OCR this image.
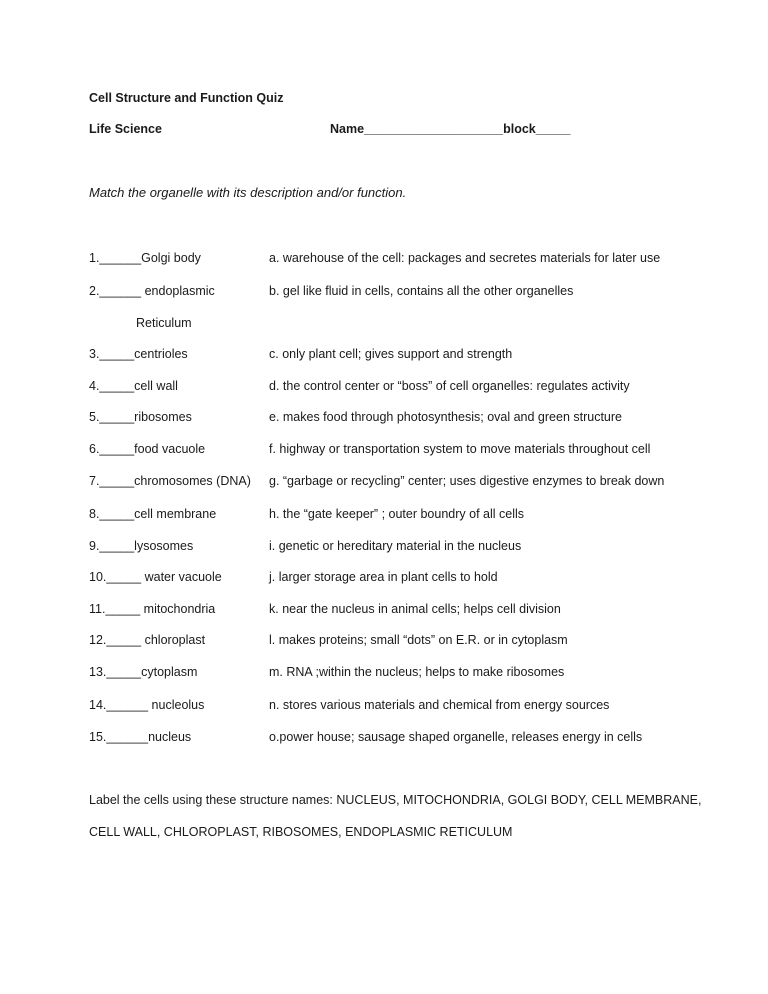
Cell Structure and Function Quiz
Life Science	Name____________________block_____
Match the organelle with its description and/or function.
1.______Golgi body	a. warehouse of the cell: packages and secretes materials for later use
2.______ endoplasmic	b. gel like fluid in cells, contains all the other organelles
Reticulum
3._____centrioles	c. only plant cell; gives support and strength
4._____cell wall	d. the control center or “boss” of cell organelles: regulates activity
5._____ribosomes	e. makes food through photosynthesis; oval and green structure
6._____food vacuole	f. highway or transportation system to move materials throughout cell
7._____chromosomes (DNA) g. “garbage or recycling” center; uses digestive enzymes to break down
8._____cell membrane	h. the “gate keeper” ; outer boundry of all cells
9._____lysosomes	i. genetic or hereditary material in the nucleus
10._____ water vacuole	j. larger storage area in plant cells to hold
11._____ mitochondria	k. near the nucleus in animal cells; helps cell division
12._____ chloroplast	l. makes proteins; small “dots” on E.R. or in cytoplasm
13._____cytoplasm	m. RNA ;within the nucleus; helps to make ribosomes
14.______ nucleolus	n. stores various materials and chemical from energy sources
15.______nucleus	o.power house; sausage shaped organelle, releases energy in cells
Label the cells using these structure names: NUCLEUS, MITOCHONDRIA, GOLGI BODY, CELL MEMBRANE,
CELL WALL, CHLOROPLAST, RIBOSOMES, ENDOPLASMIC RETICULUM
